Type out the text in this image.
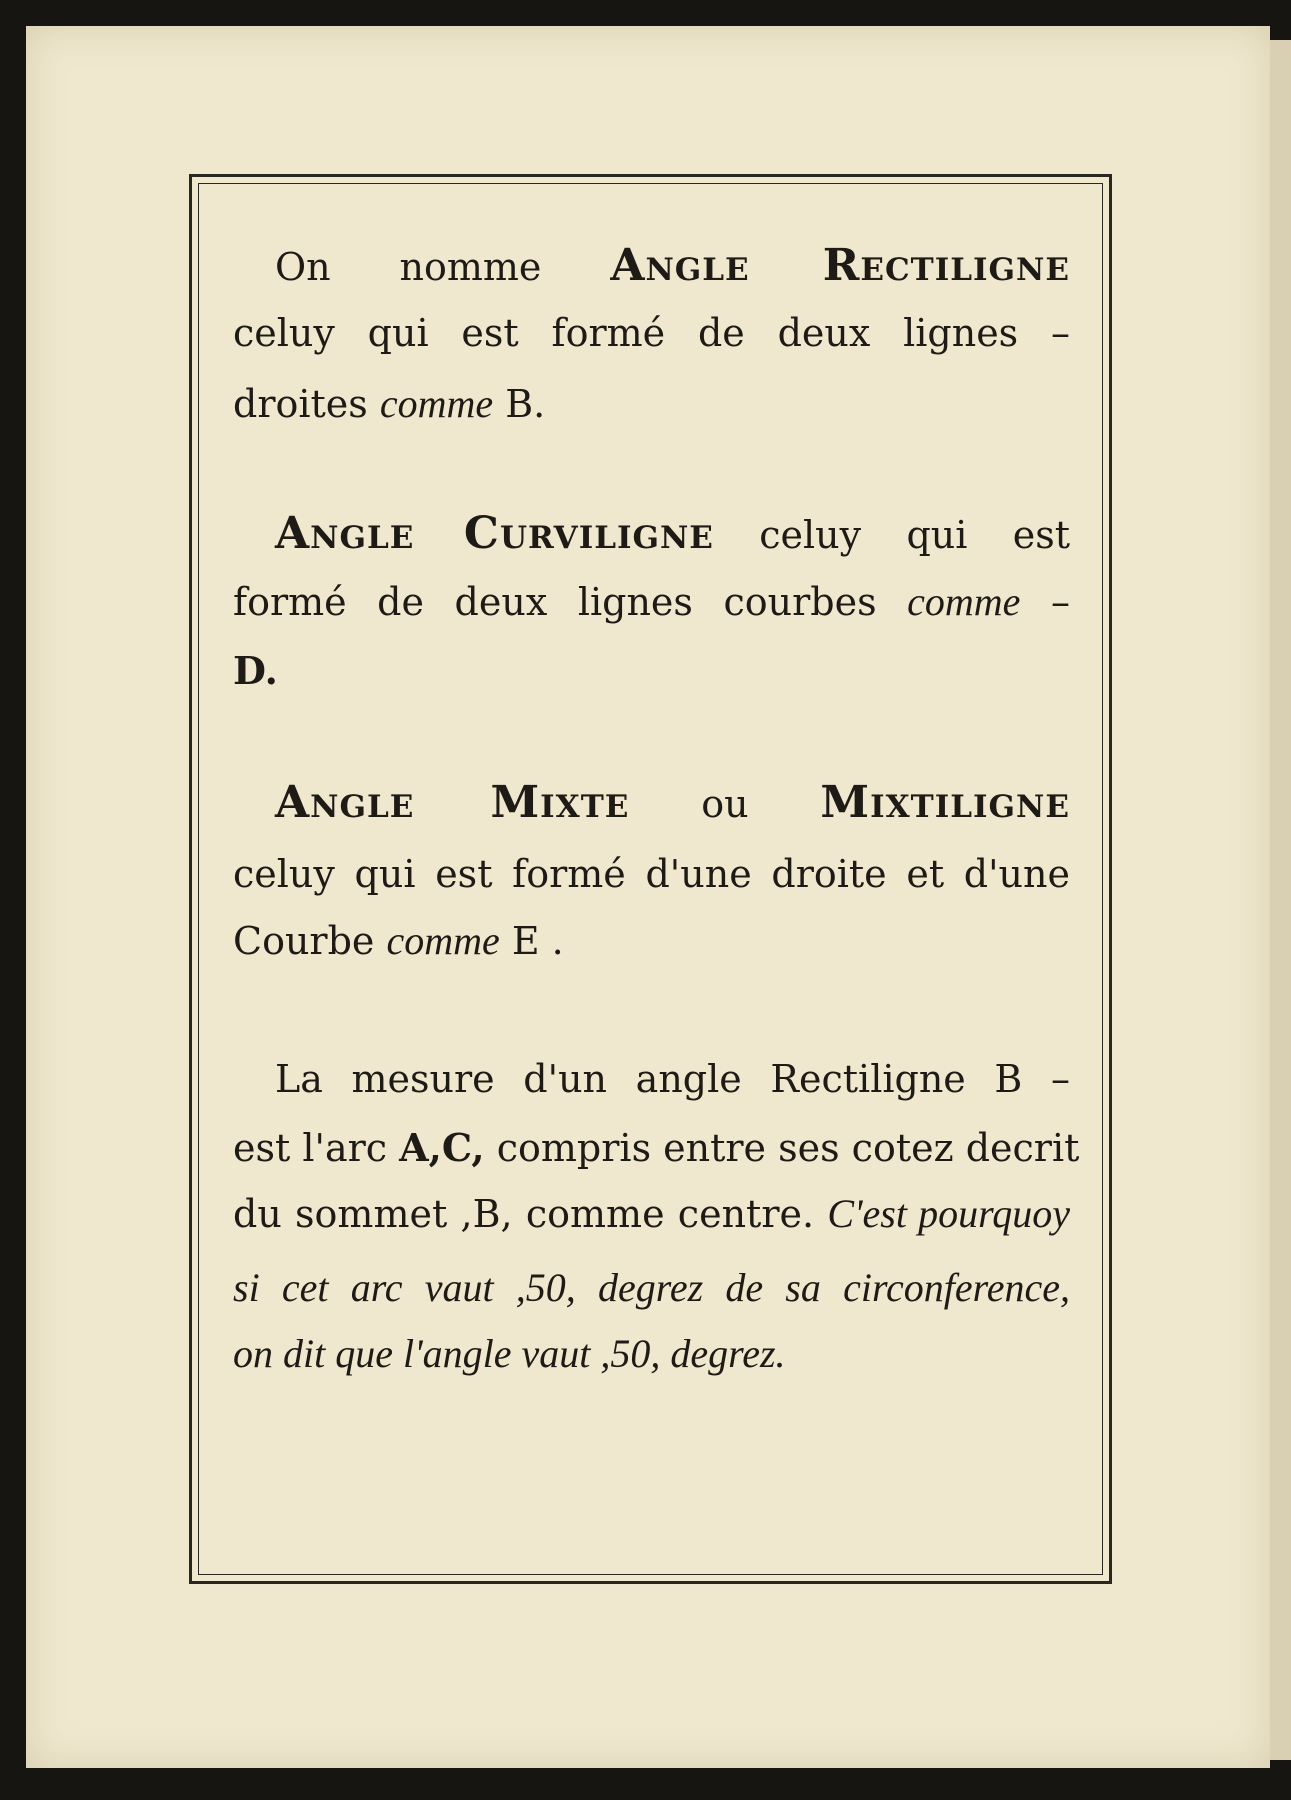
On nomme Angle Rectiligne
celuy qui est formé de deux lignes –
droites comme B.
Angle Curviligne celuy qui est
formé de deux lignes courbes comme –
D.
Angle Mixte ou Mixtiligne
celuy qui est formé d'une droite et d'une
Courbe comme E .
La mesure d'un angle Rectiligne B –
est l'arc A,C, compris entre ses cotez decrit
du sommet ,B, comme centre. C'est pourquoy
si cet arc vaut ,50, degrez de sa circonference,
on dit que l'angle vaut ,50, degrez.
